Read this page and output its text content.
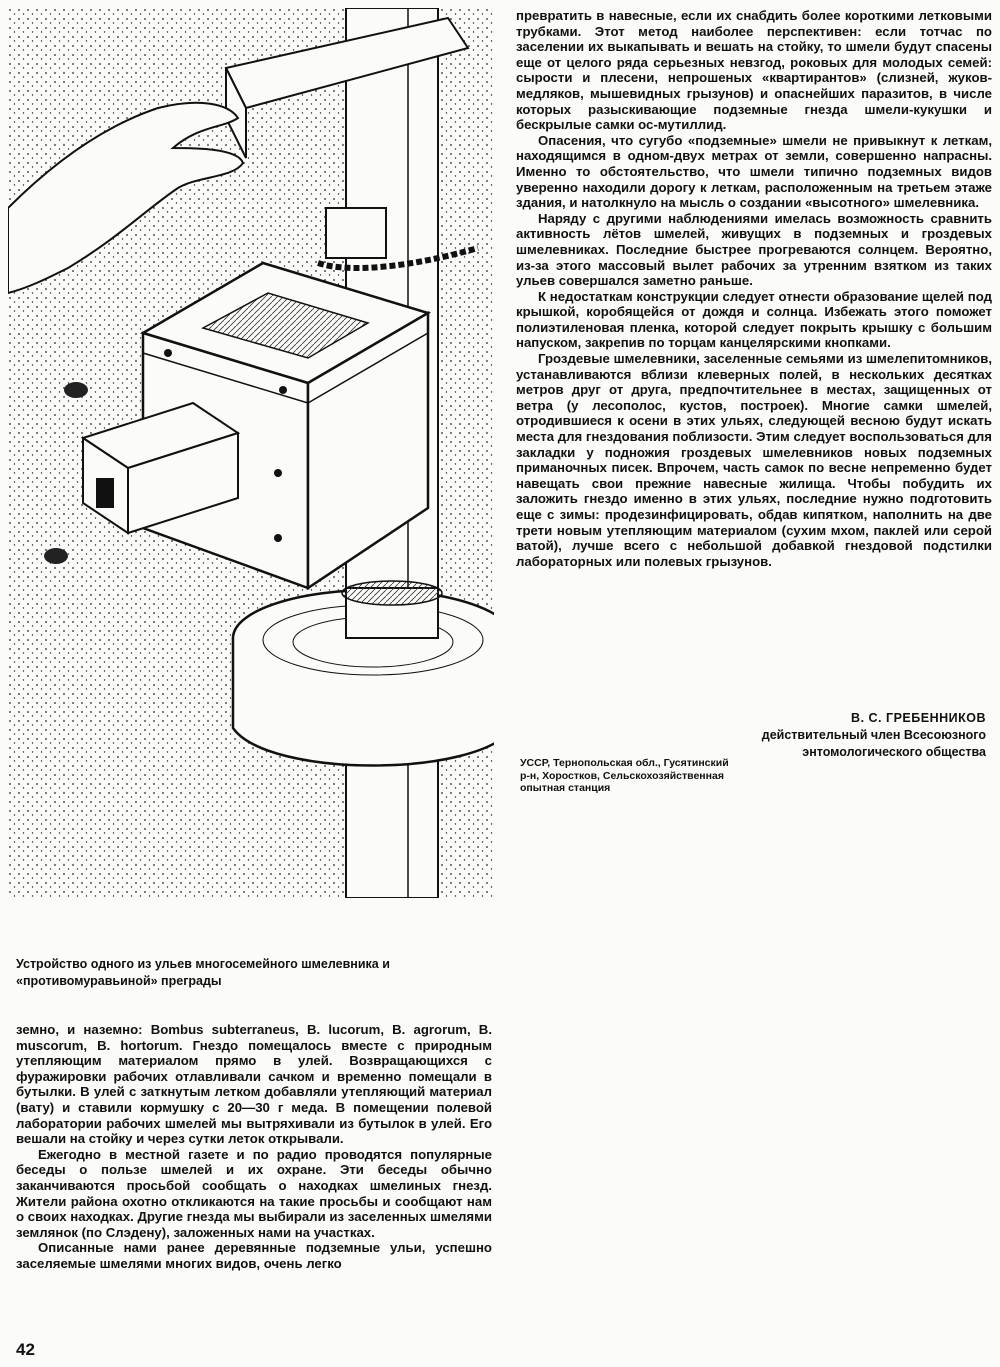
Устройство одного из ульев многосемейного шмелевника и «противомуравьиной» преграды

превратить в навесные, если их снабдить более короткими летковыми трубками. Этот метод наиболее перспективен: если тотчас по заселении их выкапывать и вешать на стойку, то шмели будут спасены еще от целого ряда серьезных невзгод, роковых для молодых семей: сырости и плесени, непрошеных «квартирантов» (слизней, жуков-медляков, мышевидных грызунов) и опаснейших паразитов, в числе которых разыскивающие подземные гнезда шмели-кукушки и бескрылые самки ос-мутиллид.

Опасения, что сугубо «подземные» шмели не привыкнут к леткам, находящимся в одном-двух метрах от земли, совершенно напрасны. Именно то обстоятельство, что шмели типично подземных видов уверенно находили дорогу к леткам, расположенным на третьем этаже здания, и натолкнуло на мысль о создании «высотного» шмелевника.

Наряду с другими наблюдениями имелась возможность сравнить активность лётов шмелей, живущих в подземных и гроздевых шмелевниках. Последние быстрее прогреваются солнцем. Вероятно, из-за этого массовый вылет рабочих за утренним взятком из таких ульев совершался заметно раньше.

К недостаткам конструкции следует отнести образование щелей под крышкой, коробящейся от дождя и солнца. Избежать этого поможет полиэтиленовая пленка, которой следует покрыть крышку с большим напуском, закрепив по торцам канцелярскими кнопками.

Гроздевые шмелевники, заселенные семьями из шмелепитомников, устанавливаются вблизи клеверных полей, в нескольких десятках метров друг от друга, предпочтительнее в местах, защищенных от ветра (у лесополос, кустов, построек). Многие самки шмелей, отродившиеся к осени в этих ульях, следующей весною будут искать места для гнездования поблизости. Этим следует воспользоваться для закладки у подножия гроздевых шмелевников новых подземных приманочных писек. Впрочем, часть самок по весне непременно будет навещать свои прежние навесные жилища. Чтобы побудить их заложить гнездо именно в этих ульях, последние нужно подготовить еще с зимы: продезинфицировать, обдав кипятком, наполнить на две трети новым утепляющим материалом (сухим мхом, паклей или серой ватой), лучше всего с небольшой добавкой гнездовой подстилки лабораторных или полевых грызунов.

В. С. ГРЕБЕННИКОВ
действительный член Всесоюзного энтомологического общества
УССР, Тернопольская обл., Гусятинский р-н, Хоростков, Сельскохозяйственная опытная станция

земно, и наземно: Bombus subterraneus, B. lucorum, B. agrorum, B. muscorum, B. hortorum. Гнездо помещалось вместе с природным утепляющим материалом прямо в улей. Возвращающихся с фуражировки рабочих отлавливали сачком и временно помещали в бутылки. В улей с заткнутым летком добавляли утепляющий материал (вату) и ставили кормушку с 20—30 г меда. В помещении полевой лаборатории рабочих шмелей мы вытряхивали из бутылок в улей. Его вешали на стойку и через сутки леток открывали.

Ежегодно в местной газете и по радио проводятся популярные беседы о пользе шмелей и их охране. Эти беседы обычно заканчиваются просьбой сообщать о находках шмелиных гнезд. Жители района охотно откликаются на такие просьбы и сообщают нам о своих находках. Другие гнезда мы выбирали из заселенных шмелями землянок (по Слэдену), заложенных нами на участках.

Описанные нами ранее деревянные подземные ульи, успешно заселяемые шмелями многих видов, очень легко

42
